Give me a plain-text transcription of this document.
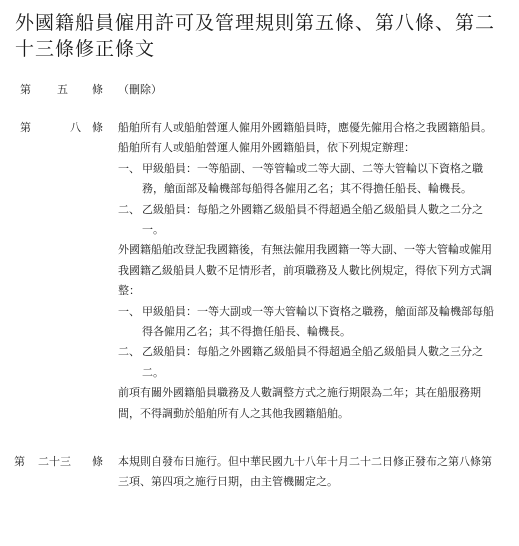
外國籍船員僱用許可及管理規則第五條、第八條、第二十三條修正條文
第 五 條 （刪除）
第	八 條 船舶所有人或船舶營運人僱用外國籍船員時，應優先僱用合格之我國籍船員。

船舶所有人或船舶營運人僱用外國籍船員，依下列規定辦理：

一、 甲級船員：一等船副、一等管輪或二等大副、二等大管輪以下資格之職務，艙面部及輪機部每船得各僱用乙名；其不得擔任船長、輪機長。
二、 乙級船員：每船之外國籍乙級船員不得超過全船乙級船員人數之二分之一。

外國籍船舶改登記我國籍後，有無法僱用我國籍一等大副、一等大管輪或僱用我國籍乙級船員人數不足情形者，前項職務及人數比例規定，得依下列方式調整：

一、 甲級船員：一等大副或一等大管輪以下資格之職務，艙面部及輪機部每船得各僱用乙名；其不得擔任船長、輪機長。
二、 乙級船員：每船之外國籍乙級船員不得超過全船乙級船員人數之三分之二。

前項有關外國籍船員職務及人數調整方式之施行期限為二年；其在船服務期間，不得調動於船舶所有人之其他我國籍船舶。

第 二十三 條 本規則自發布日施行。但中華民國九十八年十月二十二日修正發布之第八條第三項、第四項之施行日期，由主管機關定之。
